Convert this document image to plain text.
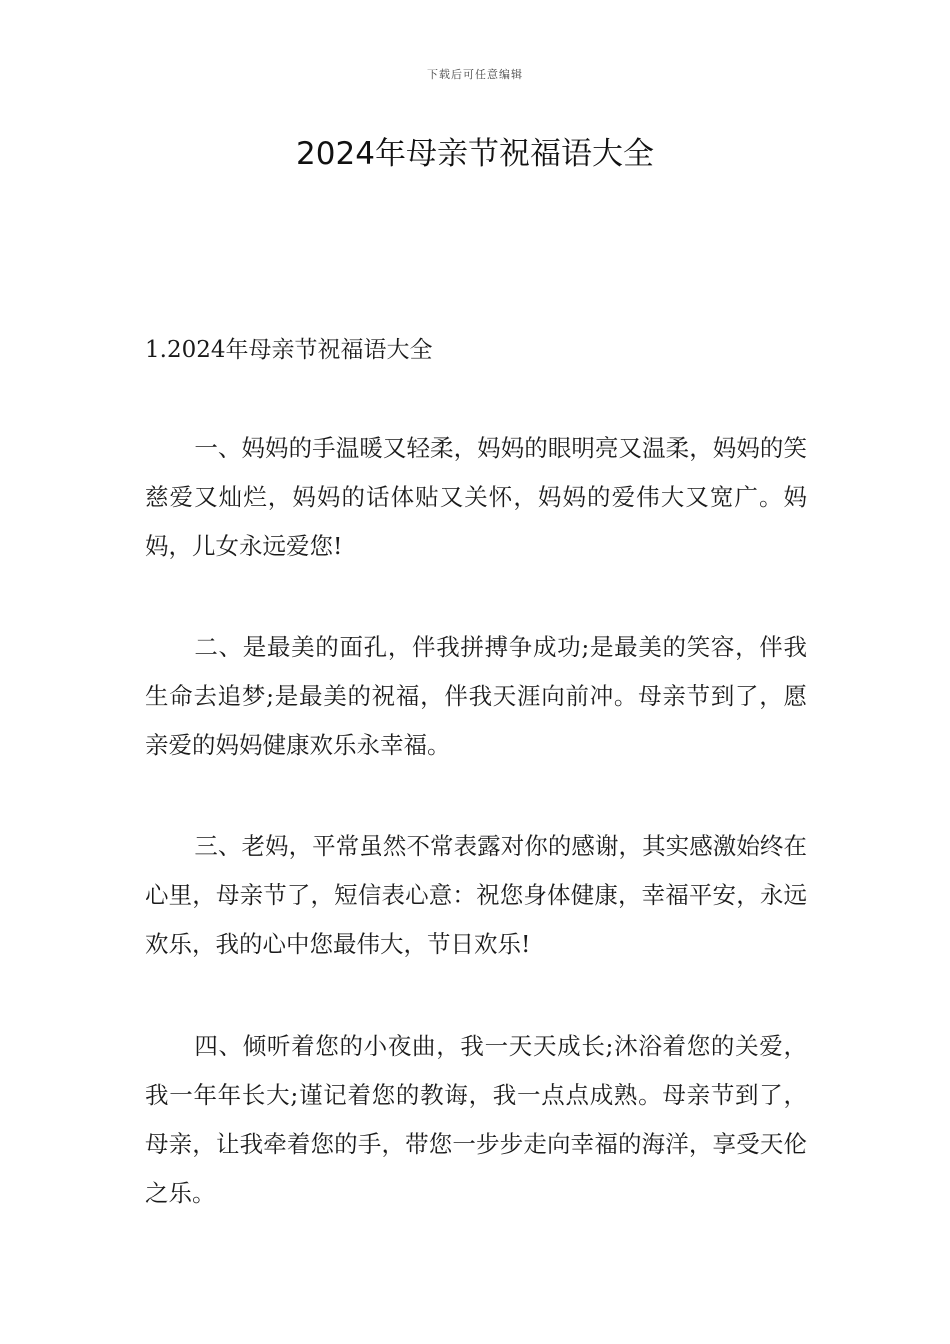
下载后可任意编辑
2024年母亲节祝福语大全
1.2024年母亲节祝福语大全

一、妈妈的手温暖又轻柔，妈妈的眼明亮又温柔，妈妈的笑慈爱又灿烂，妈妈的话体贴又关怀，妈妈的爱伟大又宽广。妈妈，儿女永远爱您!

二、是最美的面孔，伴我拼搏争成功;是最美的笑容，伴我生命去追梦;是最美的祝福，伴我天涯向前冲。母亲节到了，愿亲爱的妈妈健康欢乐永幸福。

三、老妈，平常虽然不常表露对你的感谢，其实感激始终在心里，母亲节了，短信表心意：祝您身体健康，幸福平安，永远欢乐，我的心中您最伟大，节日欢乐!

四、倾听着您的小夜曲，我一天天成长;沐浴着您的关爱，我一年年长大;谨记着您的教诲，我一点点成熟。母亲节到了，母亲，让我牵着您的手，带您一步步走向幸福的海洋，享受天伦之乐。
